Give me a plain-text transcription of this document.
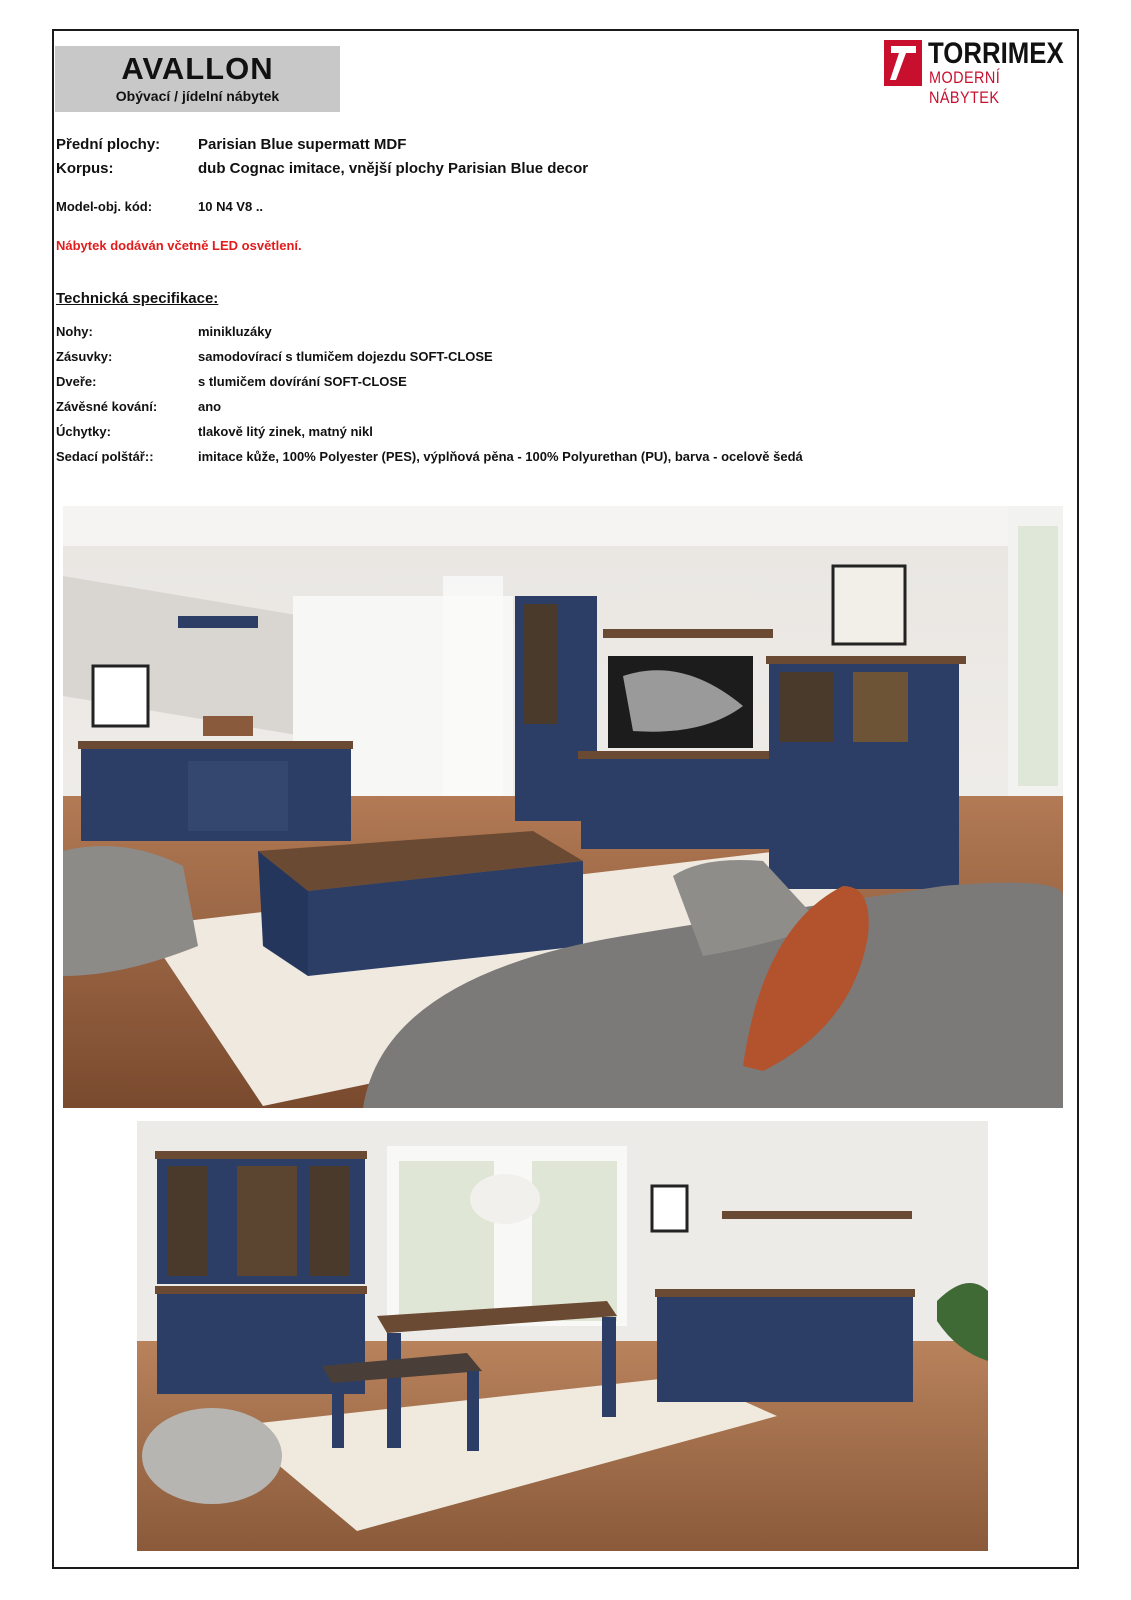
AVALLON
Obývací / jídelní nábytek
TORRIMEX
MODERNÍ NÁBYTEK
Přední plochy:	Parisian Blue supermatt MDF
Korpus:	dub Cognac imitace, vnější plochy Parisian Blue decor
Model-obj. kód:	10 N4 V8 ..
Nábytek dodáván včetně LED osvětlení.
Technická specifikace:
Nohy:	minikluzáky
Zásuvky:	samodovírací s tlumičem dojezdu SOFT-CLOSE
Dveře:	s tlumičem dovírání SOFT-CLOSE
Závěsné kování:	ano
Úchytky:	tlakově litý zinek, matný nikl
Sedací polštář::	imitace kůže, 100% Polyester (PES), výplňová pěna - 100% Polyurethan (PU), barva - ocelově šedá
